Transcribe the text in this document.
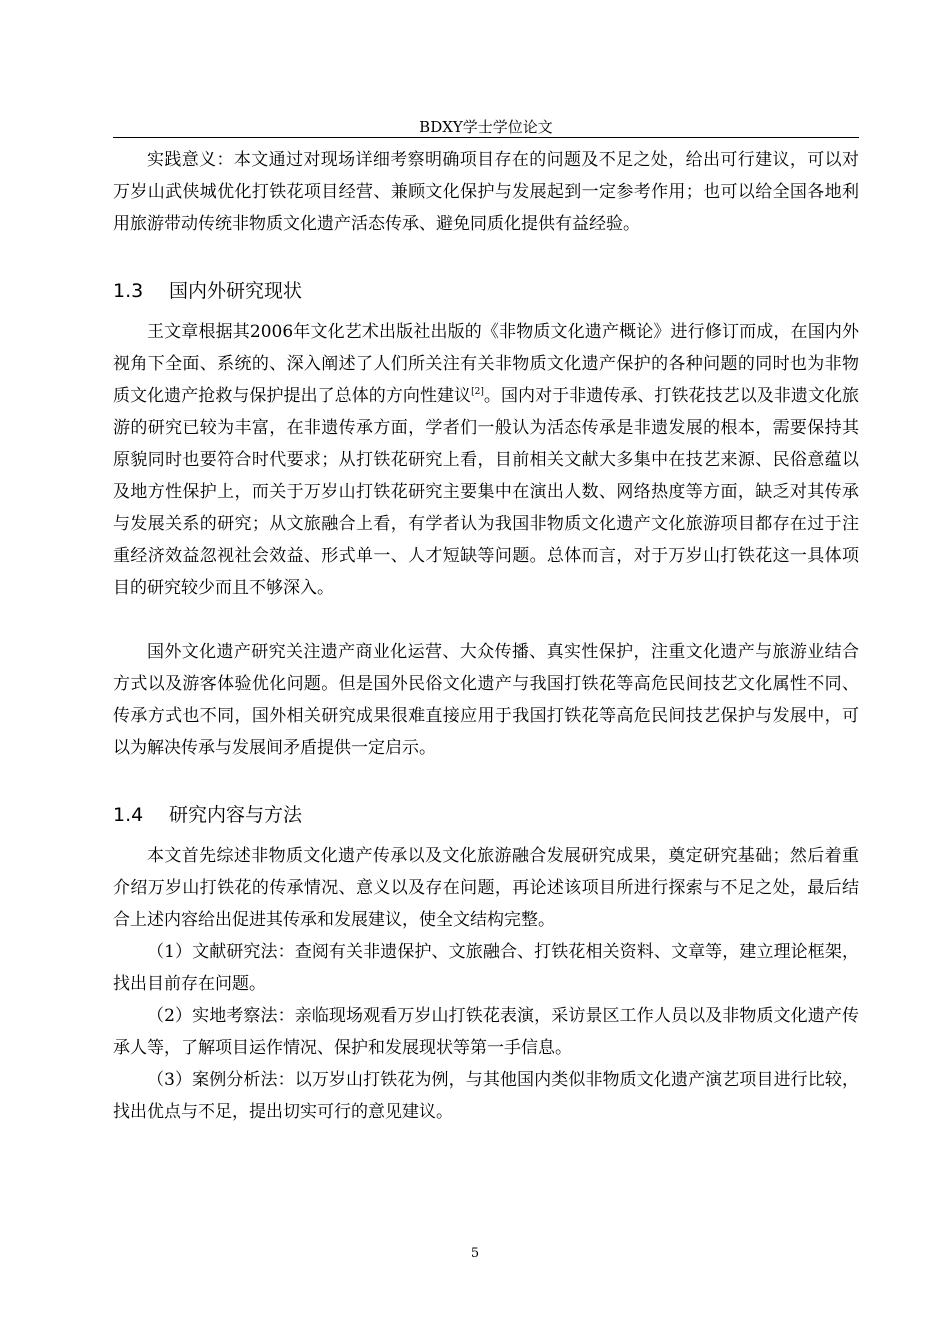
BDXY学士学位论文

实践意义：本文通过对现场详细考察明确项目存在的问题及不足之处，给出可行建议，可以对万岁山武侠城优化打铁花项目经营、兼顾文化保护与发展起到一定参考作用；也可以给全国各地利用旅游带动传统非物质文化遗产活态传承、避免同质化提供有益经验。

1.3 国内外研究现状

王文章根据其2006年文化艺术出版社出版的《非物质文化遗产概论》进行修订而成，在国内外视角下全面、系统的、深入阐述了人们所关注有关非物质文化遗产保护的各种问题的同时也为非物质文化遗产抢救与保护提出了总体的方向性建议[2]。国内对于非遗传承、打铁花技艺以及非遗文化旅游的研究已较为丰富，在非遗传承方面，学者们一般认为活态传承是非遗发展的根本，需要保持其原貌同时也要符合时代要求；从打铁花研究上看，目前相关文献大多集中在技艺来源、民俗意蕴以及地方性保护上，而关于万岁山打铁花研究主要集中在演出人数、网络热度等方面，缺乏对其传承与发展关系的研究；从文旅融合上看，有学者认为我国非物质文化遗产文化旅游项目都存在过于注重经济效益忽视社会效益、形式单一、人才短缺等问题。总体而言，对于万岁山打铁花这一具体项目的研究较少而且不够深入。

国外文化遗产研究关注遗产商业化运营、大众传播、真实性保护，注重文化遗产与旅游业结合方式以及游客体验优化问题。但是国外民俗文化遗产与我国打铁花等高危民间技艺文化属性不同、传承方式也不同，国外相关研究成果很难直接应用于我国打铁花等高危民间技艺保护与发展中，可以为解决传承与发展间矛盾提供一定启示。

1.4 研究内容与方法

本文首先综述非物质文化遗产传承以及文化旅游融合发展研究成果，奠定研究基础；然后着重介绍万岁山打铁花的传承情况、意义以及存在问题，再论述该项目所进行探索与不足之处，最后结合上述内容给出促进其传承和发展建议，使全文结构完整。

（1）文献研究法：查阅有关非遗保护、文旅融合、打铁花相关资料、文章等，建立理论框架，找出目前存在问题。

（2）实地考察法：亲临现场观看万岁山打铁花表演，采访景区工作人员以及非物质文化遗产传承人等，了解项目运作情况、保护和发展现状等第一手信息。

（3）案例分析法：以万岁山打铁花为例，与其他国内类似非物质文化遗产演艺项目进行比较，找出优点与不足，提出切实可行的意见建议。

5
